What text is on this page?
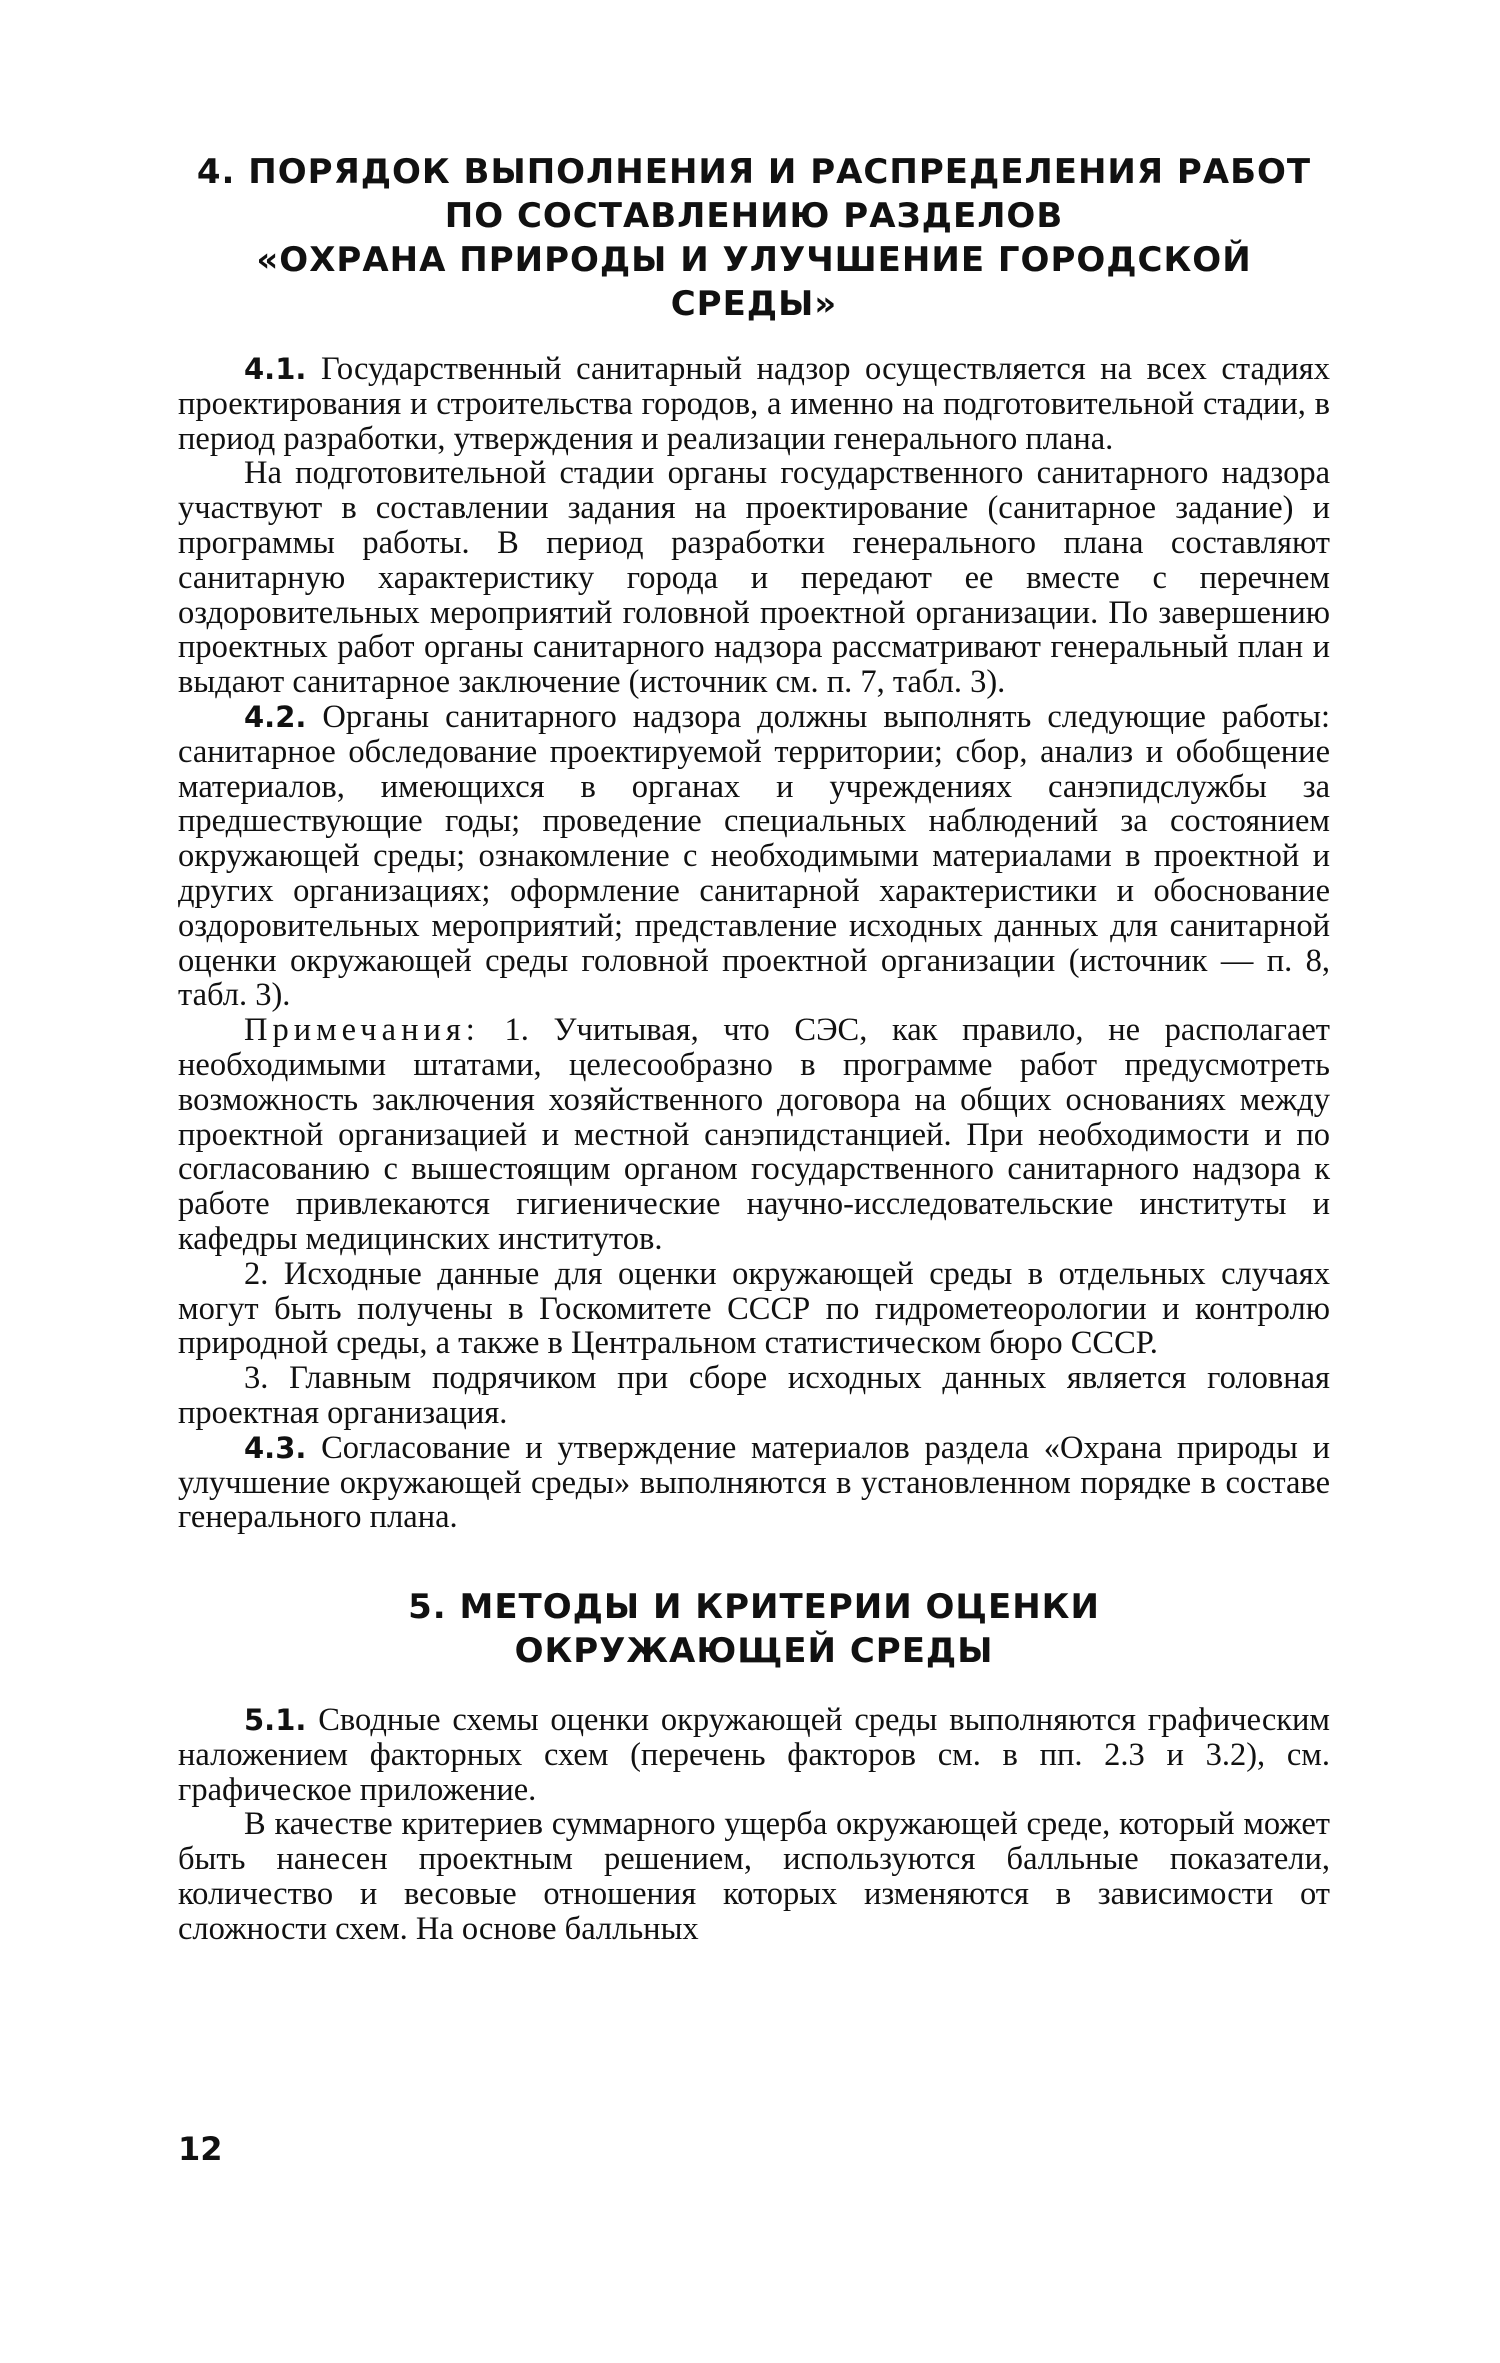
4. ПОРЯДОК ВЫПОЛНЕНИЯ И РАСПРЕДЕЛЕНИЯ РАБОТ
ПО СОСТАВЛЕНИЮ РАЗДЕЛОВ
«ОХРАНА ПРИРОДЫ И УЛУЧШЕНИЕ ГОРОДСКОЙ СРЕДЫ»

4.1. Государственный санитарный надзор осуществляется на всех стадиях проектирования и строительства городов, а именно на подготовительной стадии, в период разработки, утверждения и реализации генерального плана.

На подготовительной стадии органы государственного санитарного надзора участвуют в составлении задания на проектирование (санитарное задание) и программы работы. В период разработки генерального плана составляют санитарную характеристику города и передают ее вместе с перечнем оздоровительных мероприятий головной проектной организации. По завершению проектных работ органы санитарного надзора рассматривают генеральный план и выдают санитарное заключение (источник см. п. 7, табл. 3).

4.2. Органы санитарного надзора должны выполнять следующие работы: санитарное обследование проектируемой территории; сбор, анализ и обобщение материалов, имеющихся в органах и учреждениях санэпидслужбы за предшествующие годы; проведение специальных наблюдений за состоянием окружающей среды; ознакомление с необходимыми материалами в проектной и других организациях; оформление санитарной характеристики и обоснование оздоровительных мероприятий; представление исходных данных для санитарной оценки окружающей среды головной проектной организации (источник — п. 8, табл. 3).

Примечания: 1. Учитывая, что СЭС, как правило, не располагает необходимыми штатами, целесообразно в программе работ предусмотреть возможность заключения хозяйственного договора на общих основаниях между проектной организацией и местной санэпидстанцией. При необходимости и по согласованию с вышестоящим органом государственного санитарного надзора к работе привлекаются гигиенические научно-исследовательские институты и кафедры медицинских институтов.

2. Исходные данные для оценки окружающей среды в отдельных случаях могут быть получены в Госкомитете СССР по гидрометеорологии и контролю природной среды, а также в Центральном статистическом бюро СССР.

3. Главным подрячиком при сборе исходных данных является головная проектная организация.

4.3. Согласование и утверждение материалов раздела «Охрана природы и улучшение окружающей среды» выполняются в установленном порядке в составе генерального плана.

5. МЕТОДЫ И КРИТЕРИИ ОЦЕНКИ
ОКРУЖАЮЩЕЙ СРЕДЫ

5.1. Сводные схемы оценки окружающей среды выполняются графическим наложением факторных схем (перечень факторов см. в пп. 2.3 и 3.2), см. графическое приложение.

В качестве критериев суммарного ущерба окружающей среде, который может быть нанесен проектным решением, используются балльные показатели, количество и весовые отношения которых изменяются в зависимости от сложности схем. На основе балльных

12
